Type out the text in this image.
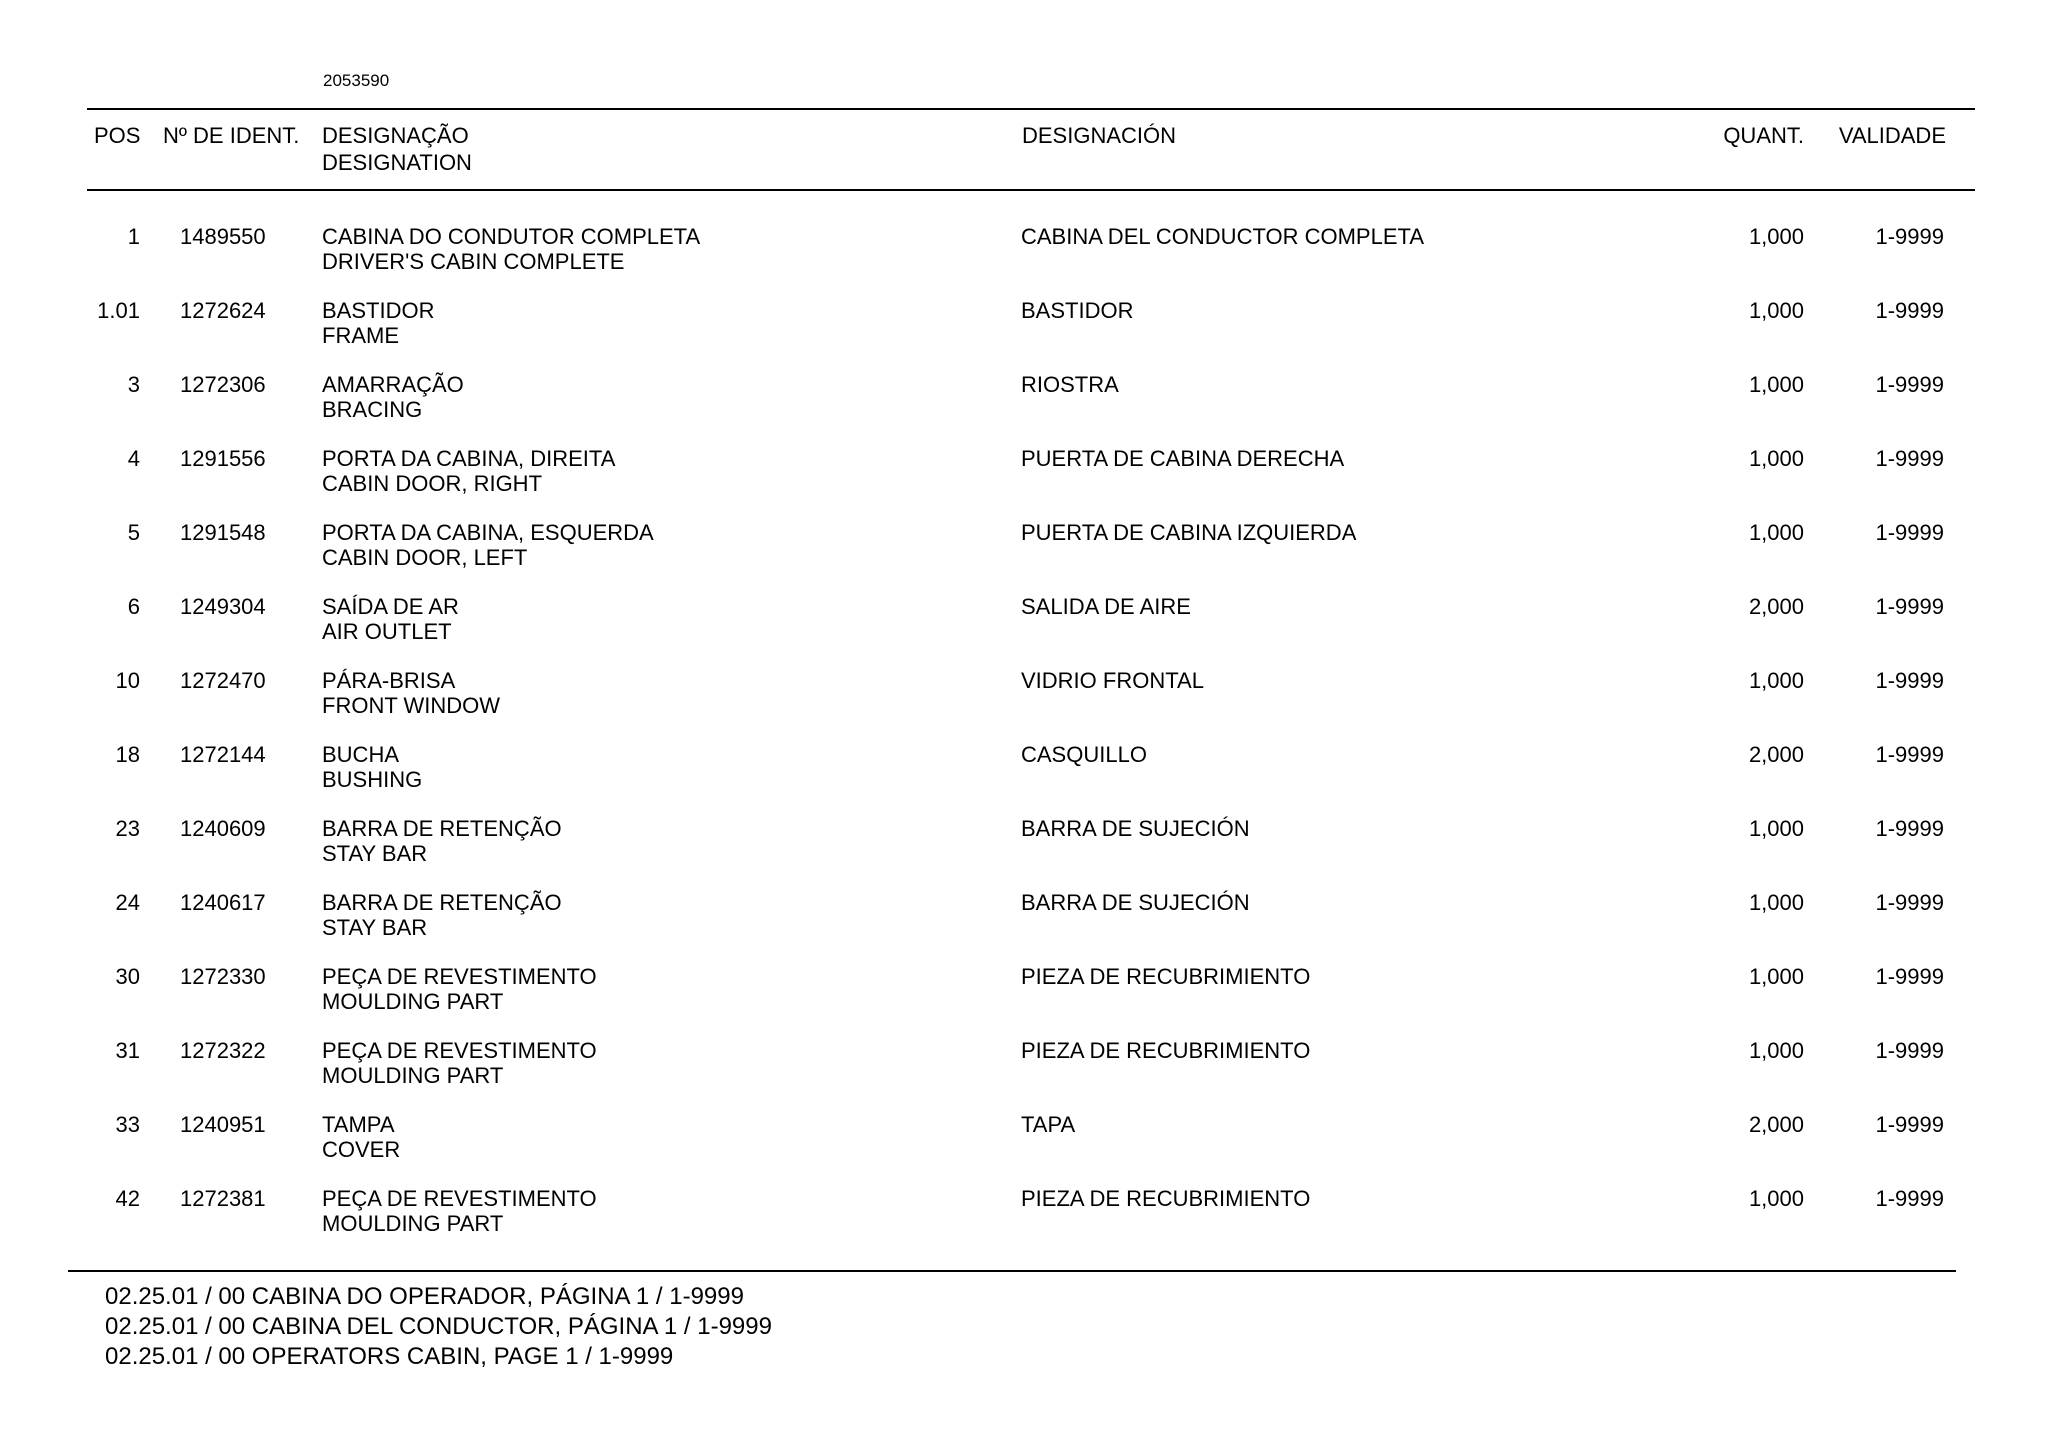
2053590
POS Nº DE IDENT. DESIGNAÇÃO
DESIGNATION
DESIGNACIÓN	QUANT. VALIDADE
1 1489550	CABINA DO CONDUTOR COMPLETA
DRIVER'S CABIN COMPLETE
CABINA DEL CONDUCTOR COMPLETA	1,000	1-9999
1.01 1272624	BASTIDOR
FRAME
BASTIDOR	1,000	1-9999
3 1272306	AMARRAÇÃO
BRACING
RIOSTRA	1,000	1-9999
4 1291556	PORTA DA CABINA, DIREITA
CABIN DOOR, RIGHT
PUERTA DE CABINA DERECHA	1,000	1-9999
5 1291548	PORTA DA CABINA, ESQUERDA
CABIN DOOR, LEFT
PUERTA DE CABINA IZQUIERDA	1,000	1-9999
6 1249304	SAÍDA DE AR
AIR OUTLET
SALIDA DE AIRE	2,000	1-9999
10 1272470	PÁRA-BRISA
FRONT WINDOW
VIDRIO FRONTAL	1,000	1-9999
18 1272144	BUCHA
BUSHING
CASQUILLO	2,000	1-9999
23 1240609	BARRA DE RETENÇÃO
STAY BAR
BARRA DE SUJECIÓN	1,000	1-9999
24 1240617	BARRA DE RETENÇÃO
STAY BAR
BARRA DE SUJECIÓN	1,000	1-9999
30 1272330	PEÇA DE REVESTIMENTO
MOULDING PART
PIEZA DE RECUBRIMIENTO	1,000	1-9999
31 1272322	PEÇA DE REVESTIMENTO
MOULDING PART
PIEZA DE RECUBRIMIENTO	1,000	1-9999
33 1240951	TAMPA
COVER
TAPA	2,000	1-9999
42 1272381	PEÇA DE REVESTIMENTO
MOULDING PART
PIEZA DE RECUBRIMIENTO	1,000	1-9999
02.25.01 / 00 CABINA DO OPERADOR, PÁGINA 1 / 1-9999
02.25.01 / 00 CABINA DEL CONDUCTOR, PÁGINA 1 / 1-9999
02.25.01 / 00 OPERATORS CABIN, PAGE 1 / 1-9999
